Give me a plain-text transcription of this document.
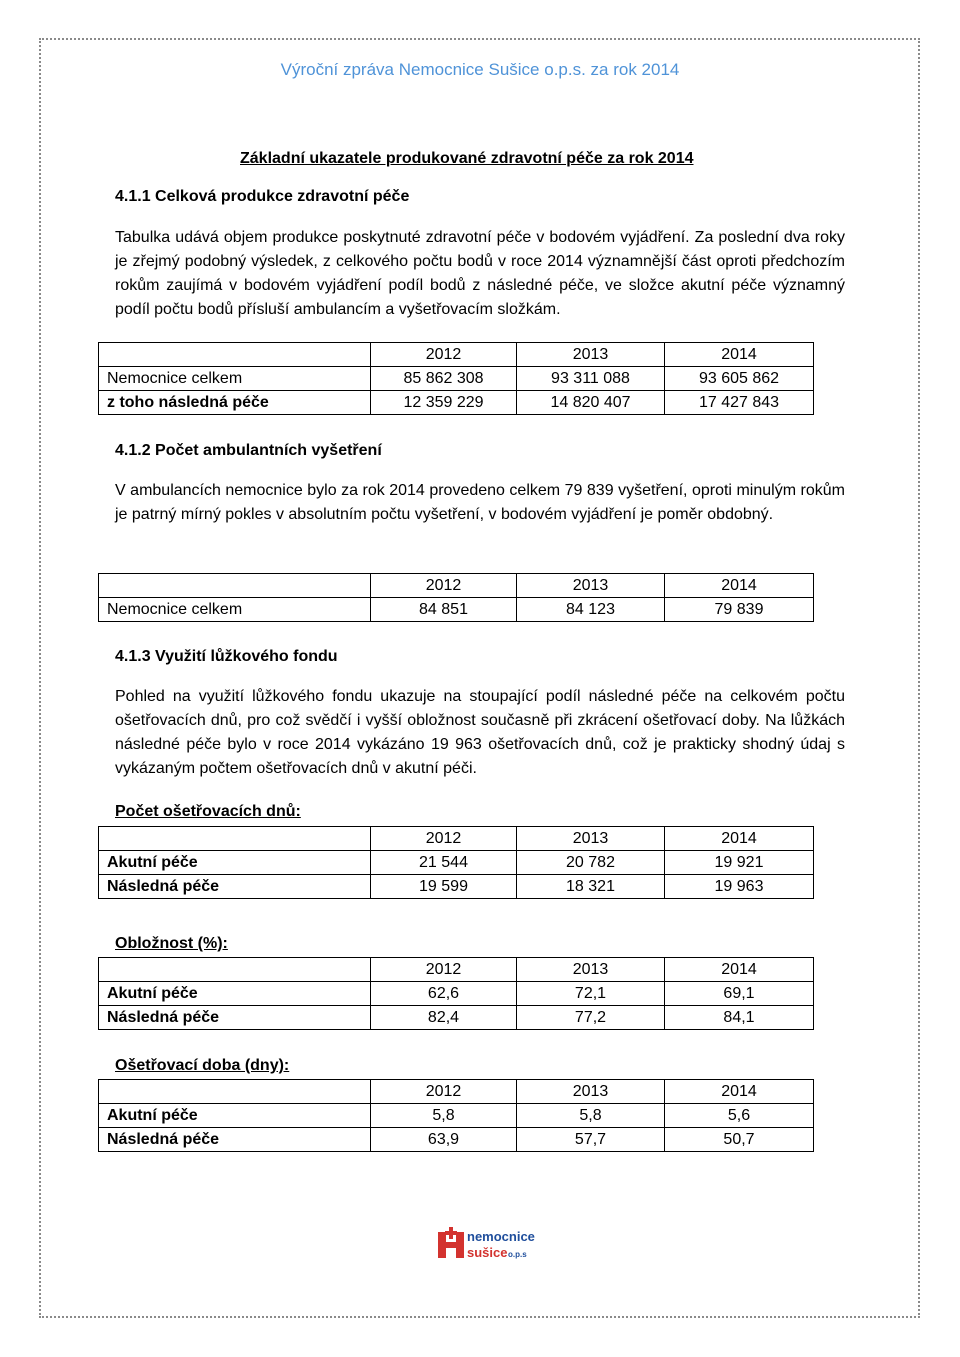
Výroční zpráva Nemocnice Sušice o.p.s. za rok 2014
Základní ukazatele produkované zdravotní péče za rok 2014
4.1.1 Celková produkce zdravotní péče
Tabulka udává objem produkce poskytnuté zdravotní péče v bodovém vyjádření. Za poslední dva roky je zřejmý podobný výsledek, z celkového počtu bodů v roce 2014 významnější část oproti předchozím rokům zaujímá v bodovém vyjádření podíl bodů z následné péče, ve složce akutní péče významný podíl počtu bodů přísluší ambulancím a vyšetřovacím složkám.
	2012	2013	2014
Nemocnice celkem	85 862 308	93 311 088	93 605 862
z toho následná péče	12 359 229	14 820 407	17 427 843
4.1.2 Počet ambulantních vyšetření
V ambulancích nemocnice bylo za rok 2014 provedeno celkem 79 839 vyšetření, oproti minulým rokům je patrný mírný pokles v absolutním počtu vyšetření, v bodovém vyjádření je poměr obdobný.
	2012	2013	2014
Nemocnice celkem	84 851	84 123	79 839
4.1.3 Využití lůžkového fondu
Pohled na využití lůžkového fondu ukazuje na stoupající podíl následné péče na celkovém počtu ošetřovacích dnů, pro což svědčí i vyšší obložnost současně při zkrácení ošetřovací doby. Na lůžkách následné péče bylo v roce 2014 vykázáno 19 963 ošetřovacích dnů, což je prakticky shodný údaj s vykázaným počtem ošetřovacích dnů v akutní péči.
Počet ošetřovacích dnů:
	2012	2013	2014
Akutní péče	21 544	20 782	19 921
Následná péče	19 599	18 321	19 963
Obložnost (%):
	2012	2013	2014
Akutní péče	62,6	72,1	69,1
Následná péče	82,4	77,2	84,1
Ošetřovací doba (dny):
	2012	2013	2014
Akutní péče	5,8	5,8	5,6
Následná péče	63,9	57,7	50,7
nemocnice
sušice o.p.s
